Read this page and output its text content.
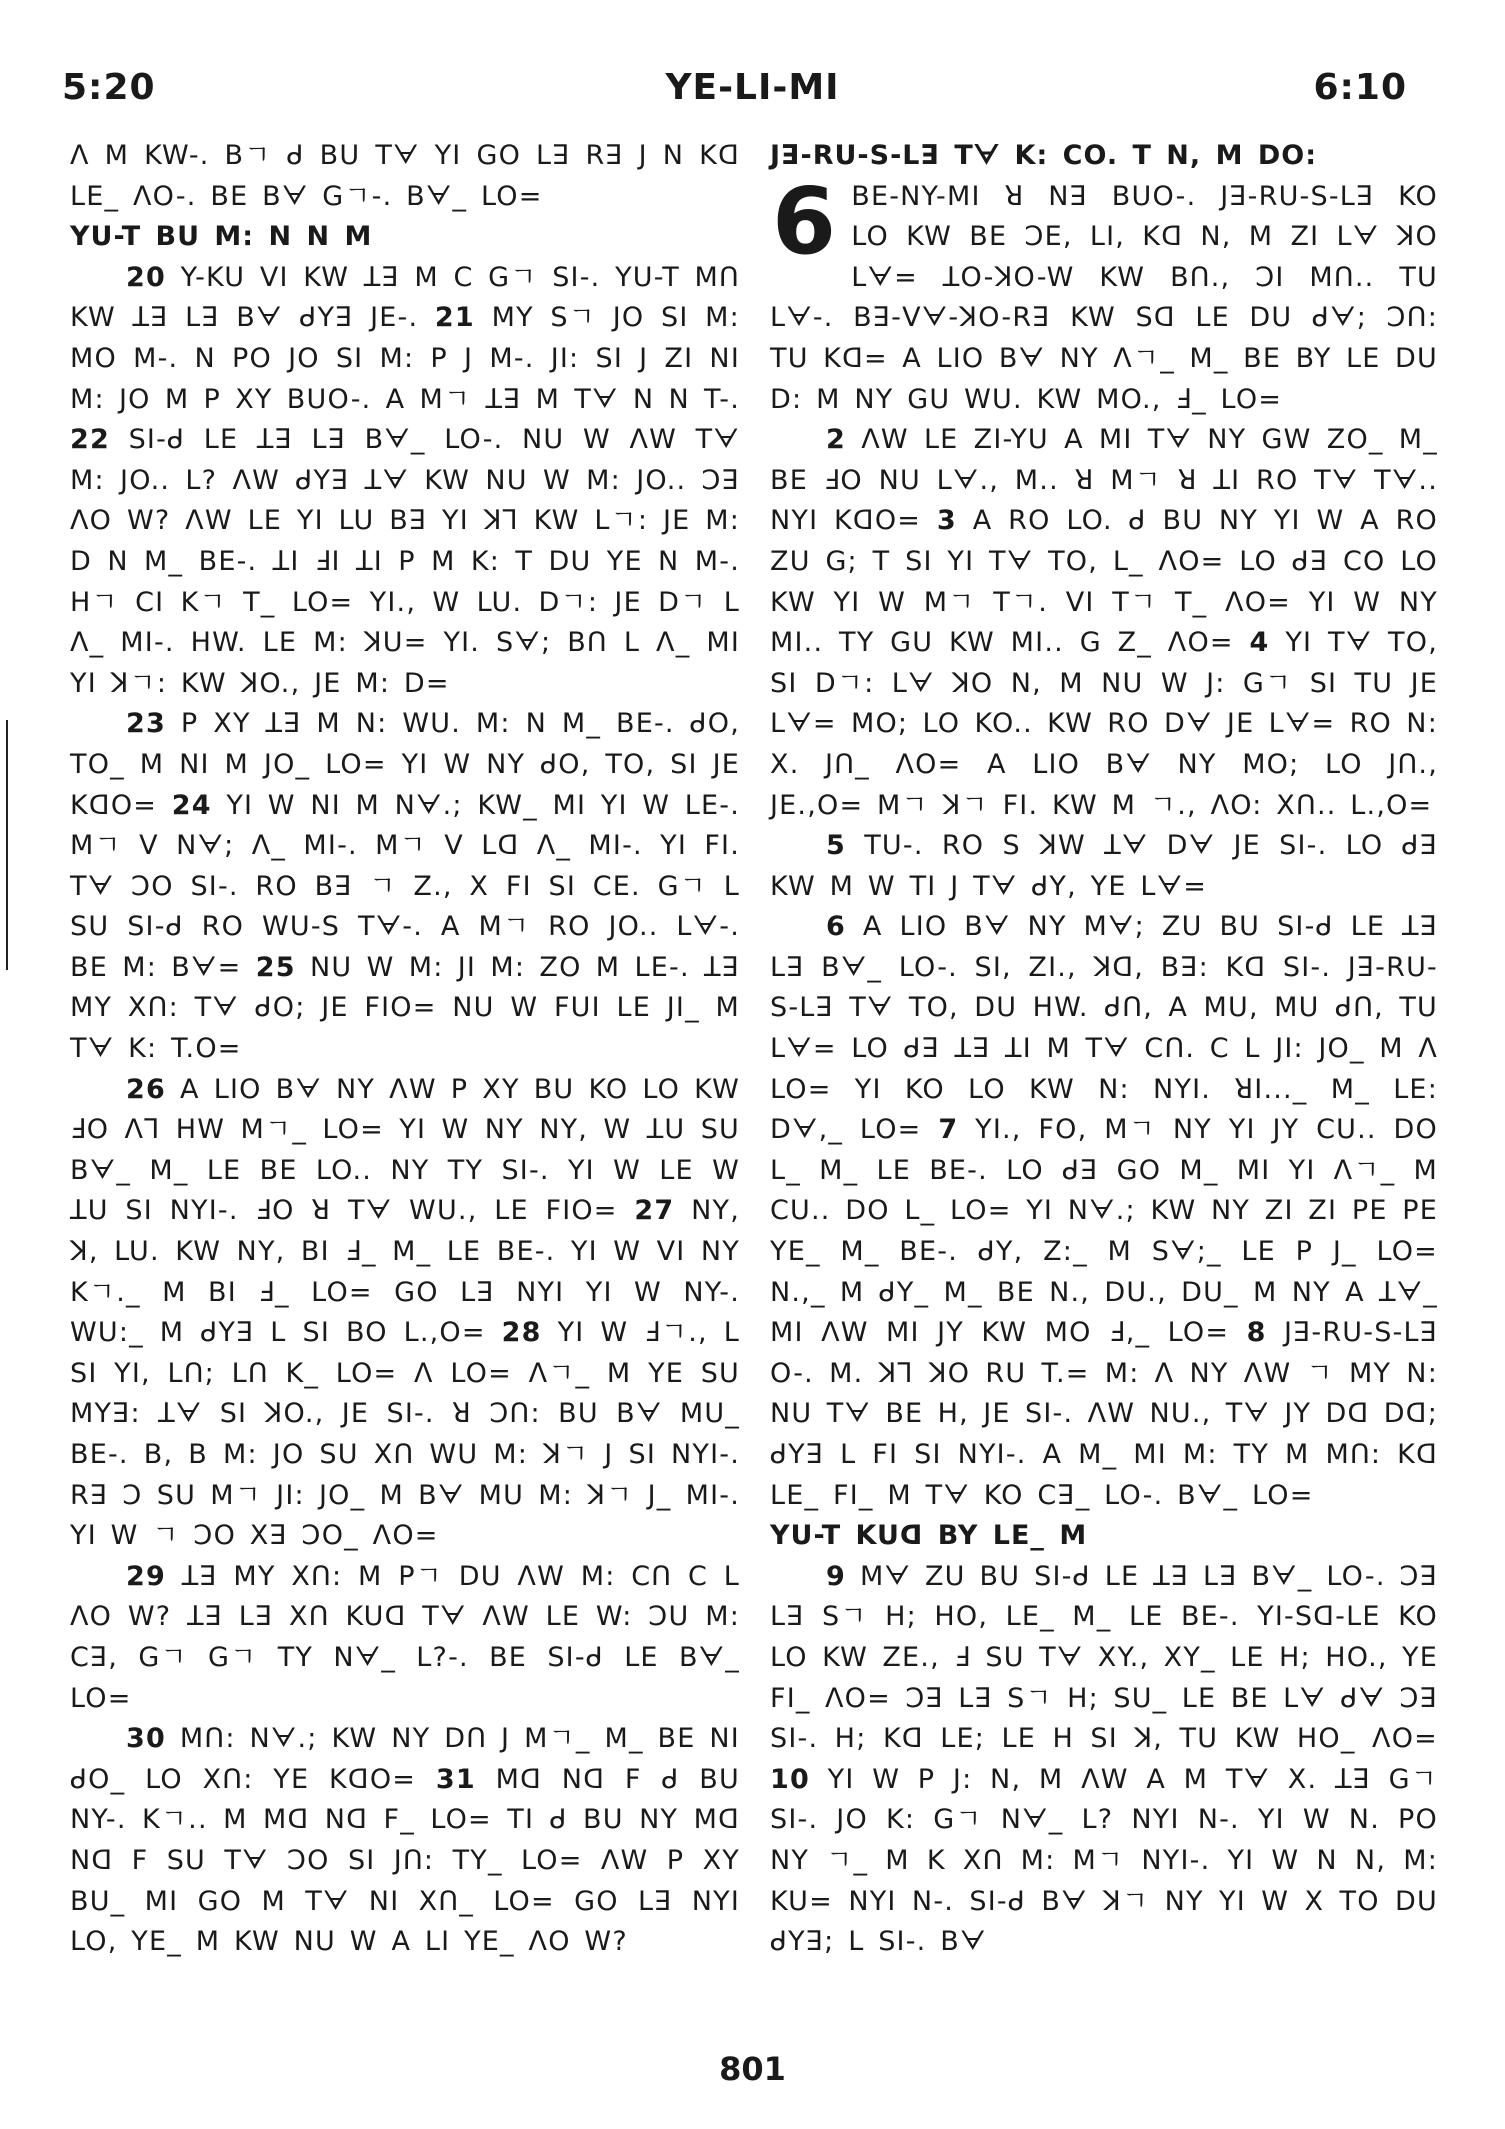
5:20	YE-LI-MI	6:10

ᐱ M KW-. Bㄱ ᑯ BU Tᗄ YI GO Lꓱ Rꓱ J N Kᗡ LE_ ᐱO-. BE Bᗄ Gㄱ-. Bᗄ_ LO=

YU-T BU M: N N M

20 Y-KU VI KW ꓕꓱ M C Gㄱ SI-. YU-T Mᑎ KW ꓕꓱ Lꓱ Bᗄ ᑯYꓱ JE-. 21 MY Sㄱ JO SI M: MO M-. N PO JO SI M: P J M-. JI: SI J ZI NI M: JO M P XY BUO-. A Mㄱ ꓕꓱ M Tᗄ N N T-. 22 SI-ᑯ LE ꓕꓱ Lꓱ Bᗄ_ LO-. NU W ᐱW Tᗄ M: JO.. L? ᐱW ᑯYꓱ ꓕᗄ KW NU W M: JO.. Ↄꓱ ᐱO W? ᐱW LE YI LU Bꓱ YI ꓘꓶ KW Lㄱ: JE M: D N M_ BE-. ꓕI ꓞI ꓕI P M K: T DU YE N M-. Hㄱ CI Kㄱ T_ LO= YI., W LU. Dㄱ: JE Dㄱ L ᐱ_ MI-. HW. LE M: ꓘU= YI. Sᗄ; Bᑎ L ᐱ_ MI YI ꓘㄱ: KW ꓘO., JE M: D=

23 P XY ꓕꓱ M N: WU. M: N M_ BE-. ᑯO, TO_ M NI M JO_ LO= YI W NY ᑯO, TO, SI JE KᗡO= 24 YI W NI M Nᗄ.; KW_ MI YI W LE-. Mㄱ V Nᗄ; ᐱ_ MI-. Mㄱ V Lᗡ ᐱ_ MI-. YI FI. Tᗄ ϽO SI-. RO Bꓱ ㄱ Z., X FI SI CE. Gㄱ L SU SI-ᑯ RO WU-S Tᗄ-. A Mㄱ RO JO.. Lᗄ-. BE M: Bᗄ= 25 NU W M: JI M: ZO M LE-. ꓕꓱ MY Xᑎ: Tᗄ ᑯO; JE FIO= NU W FUI LE JI_ M Tᗄ K: T.O=

26 A LIO Bᗄ NY ᐱW P XY BU KO LO KW ꓞO ᐱꓶ HW Mㄱ_ LO= YI W NY NY, W ꓕU SU Bᗄ_ M_ LE BE LO.. NY TY SI-. YI W LE W ꓕU SI NYI-. ꓞO ꓤ Tᗄ WU., LE FIO= 27 NY, ꓘ, LU. KW NY, BI ꓞ_ M_ LE BE-. YI W VI NY Kㄱ._ M BI ꓞ_ LO= GO Lꓱ NYI YI W NY-. WU:_ M ᑯYꓱ L SI BO L.,O= 28 YI W ꓞㄱ., L SI YI, Lᑎ; Lᑎ K_ LO= ᐱ LO= ᐱㄱ_ M YE SU MYꓱ: ꓕᗄ SI ꓘO., JE SI-. ꓤ Ↄᑎ: BU Bᗄ MU_ BE-. B, B M: JO SU Xᑎ WU M: ꓘㄱ J SI NYI-. Rꓱ Ↄ SU Mㄱ JI: JO_ M Bᗄ MU M: ꓘㄱ J_ MI-. YI W ㄱ ϽO Xꓱ ϽO_ ᐱO=

29 ꓕꓱ MY Xᑎ: M Pㄱ DU ᐱW M: Cᑎ C L ᐱO W? ꓕꓱ Lꓱ Xᑎ KUᗡ Tᗄ ᐱW LE W: ϽU M: Cꓱ, Gㄱ Gㄱ TY Nᗄ_ L?-. BE SI-ᑯ LE Bᗄ_ LO=

30 Mᑎ: Nᗄ.; KW NY Dᑎ J Mㄱ_ M_ BE NI ᑯO_ LO Xᑎ: YE KᗡO= 31 Mᗡ Nᗡ F ᑯ BU NY-. Kㄱ.. M Mᗡ Nᗡ F_ LO= TI ᑯ BU NY Mᗡ Nᗡ F SU Tᗄ ϽO SI Jᑎ: TY_ LO= ᐱW P XY BU_ MI GO M Tᗄ NI Xᑎ_ LO= GO Lꓱ NYI LO, YE_ M KW NU W A LI YE_ ᐱO W?

Jꓱ-RU-S-Lꓱ Tᗄ K: CO. T N, M DO:

6 BE-NY-MI ꓤ Nꓱ BUO-. Jꓱ-RU-S-Lꓱ KO LO KW BE ϽE, LI, Kᗡ N, M ZI Lᗄ ꓘO Lᗄ= ꓕO-ꓘO-W KW Bᑎ., ϽI Mᑎ.. TU Lᗄ-. Bꓱ-Vᗄ-ꓘO-Rꓱ KW Sᗡ LE DU ᑯᗄ; Ↄᑎ: TU Kᗡ= A LIO Bᗄ NY ᐱㄱ_ M_ BE BY LE DU D: M NY GU WU. KW MO., ꓞ_ LO=

2 ᐱW LE ZI-YU A MI Tᗄ NY GW ZO_ M_ BE ꓞO NU Lᗄ., M.. ꓤ Mㄱ ꓤ ꓕI RO Tᗄ Tᗄ.. NYI KᗡO= 3 A RO LO. ᑯ BU NY YI W A RO ZU G; T SI YI Tᗄ TO, L_ ᐱO= LO ᑯꓱ CO LO KW YI W Mㄱ Tㄱ. VI Tㄱ T_ ᐱO= YI W NY MI.. TY GU KW MI.. G Z_ ᐱO= 4 YI Tᗄ TO, SI Dㄱ: Lᗄ ꓘO N, M NU W J: Gㄱ SI TU JE Lᗄ= MO; LO KO.. KW RO Dᗄ JE Lᗄ= RO N: X. Jᑎ_ ᐱO= A LIO Bᗄ NY MO; LO Jᑎ., JE.,O= Mㄱ ꓘㄱ FI. KW M ㄱ., ᐱO: Xᑎ.. L.,O=

5 TU-. RO S ꓘW ꓕᗄ Dᗄ JE SI-. LO ᑯꓱ KW M W TI J Tᗄ ᑯY, YE Lᗄ=

6 A LIO Bᗄ NY Mᗄ; ZU BU SI-ᑯ LE ꓕꓱ Lꓱ Bᗄ_ LO-. SI, ZI., ꓘᗡ, Bꓱ: Kᗡ SI-. Jꓱ-RU-S-Lꓱ Tᗄ TO, DU HW. ᑯᑎ, A MU, MU ᑯᑎ, TU Lᗄ= LO ᑯꓱ ꓕꓱ ꓕI M Tᗄ Cᑎ. C L JI: JO_ M ᐱ LO= YI KO LO KW N: NYI. ꓤI..._ M_ LE: Dᗄ,_ LO= 7 YI., FO, Mㄱ NY YI JY CU.. DO L_ M_ LE BE-. LO ᑯꓱ GO M_ MI YI ᐱㄱ_ M CU.. DO L_ LO= YI Nᗄ.; KW NY ZI ZI PE PE YE_ M_ BE-. ᑯY, Z:_ M Sᗄ;_ LE P J_ LO= N.,_ M ᑯY_ M_ BE N., DU., DU_ M NY A ꓕᗄ_ MI ᐱW MI JY KW MO ꓞ,_ LO= 8 Jꓱ-RU-S-Lꓱ O-. M. ꓘꓶ ꓘO RU T.= M: ᐱ NY ᐱW ㄱ MY N: NU Tᗄ BE H, JE SI-. ᐱW NU., Tᗄ JY Dᗡ Dᗡ; ᑯYꓱ L FI SI NYI-. A M_ MI M: TY M Mᑎ: Kᗡ LE_ FI_ M Tᗄ KO Cꓱ_ LO-. Bᗄ_ LO=

YU-T KUᗡ BY LE_ M

9 Mᗄ ZU BU SI-ᑯ LE ꓕꓱ Lꓱ Bᗄ_ LO-. Ↄꓱ Lꓱ Sㄱ H; HO, LE_ M_ LE BE-. YI-Sᗡ-LE KO LO KW ZE., ꓞ SU Tᗄ XY., XY_ LE H; HO., YE FI_ ᐱO= Ↄꓱ Lꓱ Sㄱ H; SU_ LE BE Lᗄ ᑯᗄ Ↄꓱ SI-. H; Kᗡ LE; LE H SI ꓘ, TU KW HO_ ᐱO= 10 YI W P J: N, M ᐱW A M Tᗄ X. ꓕꓱ Gㄱ SI-. JO K: Gㄱ Nᗄ_ L? NYI N-. YI W N. PO NY ㄱ_ M K Xᑎ M: Mㄱ NYI-. YI W N N, M: KU= NYI N-. SI-ᑯ Bᗄ ꓘㄱ NY YI W X TO DU ᑯYꓱ; L SI-. Bᗄ

801
